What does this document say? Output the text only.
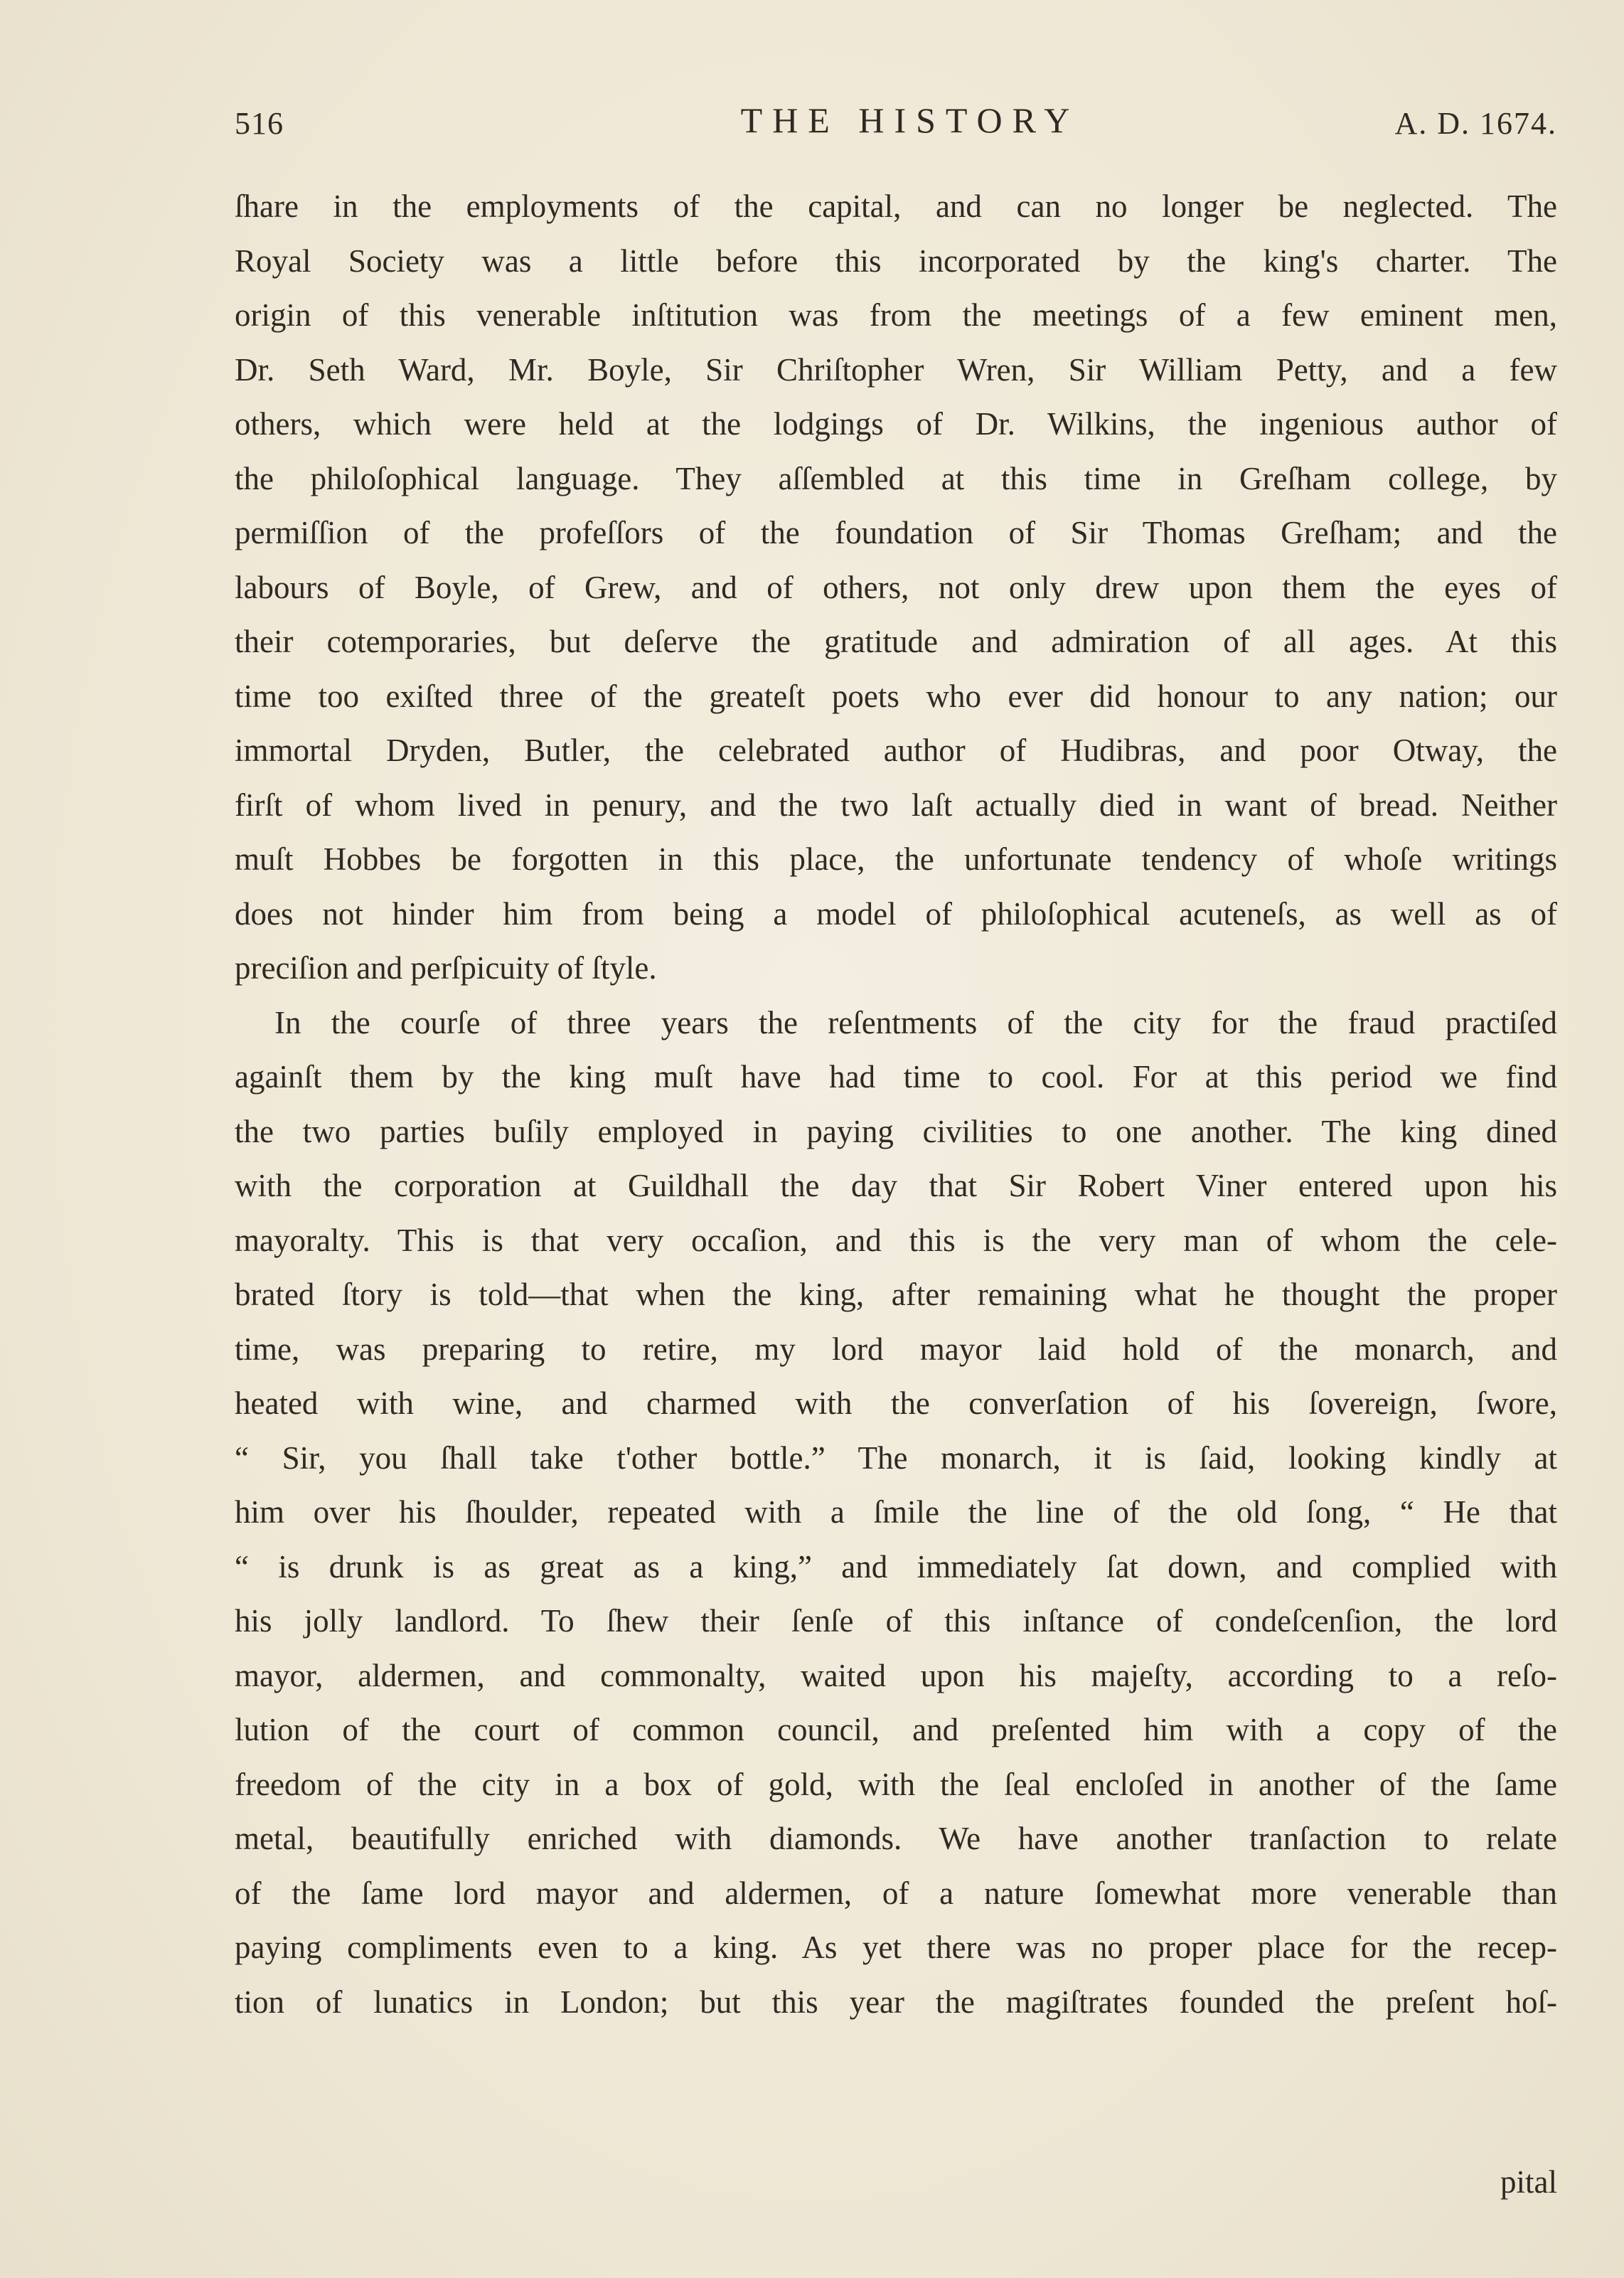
516	THE HISTORY	A. D. 1674.
ſhare in the employments of the capital, and can no longer be neglected. The
Royal Society was a little before this incorporated by the king's charter. The
origin of this venerable inſtitution was from the meetings of a few eminent men,
Dr. Seth Ward, Mr. Boyle, Sir Chriſtopher Wren, Sir William Petty, and a few
others, which were held at the lodgings of Dr. Wilkins, the ingenious author of
the philoſophical language. They aſſembled at this time in Greſham college, by
permiſſion of the profeſſors of the foundation of Sir Thomas Greſham; and the
labours of Boyle, of Grew, and of others, not only drew upon them the eyes of
their cotemporaries, but deſerve the gratitude and admiration of all ages. At this
time too exiſted three of the greateſt poets who ever did honour to any nation; our
immortal Dryden, Butler, the celebrated author of Hudibras, and poor Otway, the
firſt of whom lived in penury, and the two laſt actually died in want of bread. Neither
muſt Hobbes be forgotten in this place, the unfortunate tendency of whoſe writings
does not hinder him from being a model of philoſophical acuteneſs, as well as of
preciſion and perſpicuity of ſtyle.
In the courſe of three years the reſentments of the city for the fraud practiſed
againſt them by the king muſt have had time to cool. For at this period we find
the two parties buſily employed in paying civilities to one another. The king dined
with the corporation at Guildhall the day that Sir Robert Viner entered upon his
mayoralty. This is that very occaſion, and this is the very man of whom the cele-
brated ſtory is told—that when the king, after remaining what he thought the proper
time, was preparing to retire, my lord mayor laid hold of the monarch, and
heated with wine, and charmed with the converſation of his ſovereign, ſwore,
“ Sir, you ſhall take t'other bottle.” The monarch, it is ſaid, looking kindly at
him over his ſhoulder, repeated with a ſmile the line of the old ſong, “ He that
“ is drunk is as great as a king,” and immediately ſat down, and complied with
his jolly landlord. To ſhew their ſenſe of this inſtance of condeſcenſion, the lord
mayor, aldermen, and commonalty, waited upon his majeſty, according to a reſo-
lution of the court of common council, and preſented him with a copy of the
freedom of the city in a box of gold, with the ſeal encloſed in another of the ſame
metal, beautifully enriched with diamonds. We have another tranſaction to relate
of the ſame lord mayor and aldermen, of a nature ſomewhat more venerable than
paying compliments even to a king. As yet there was no proper place for the recep-
tion of lunatics in London; but this year the magiſtrates founded the preſent hoſ-
pital
